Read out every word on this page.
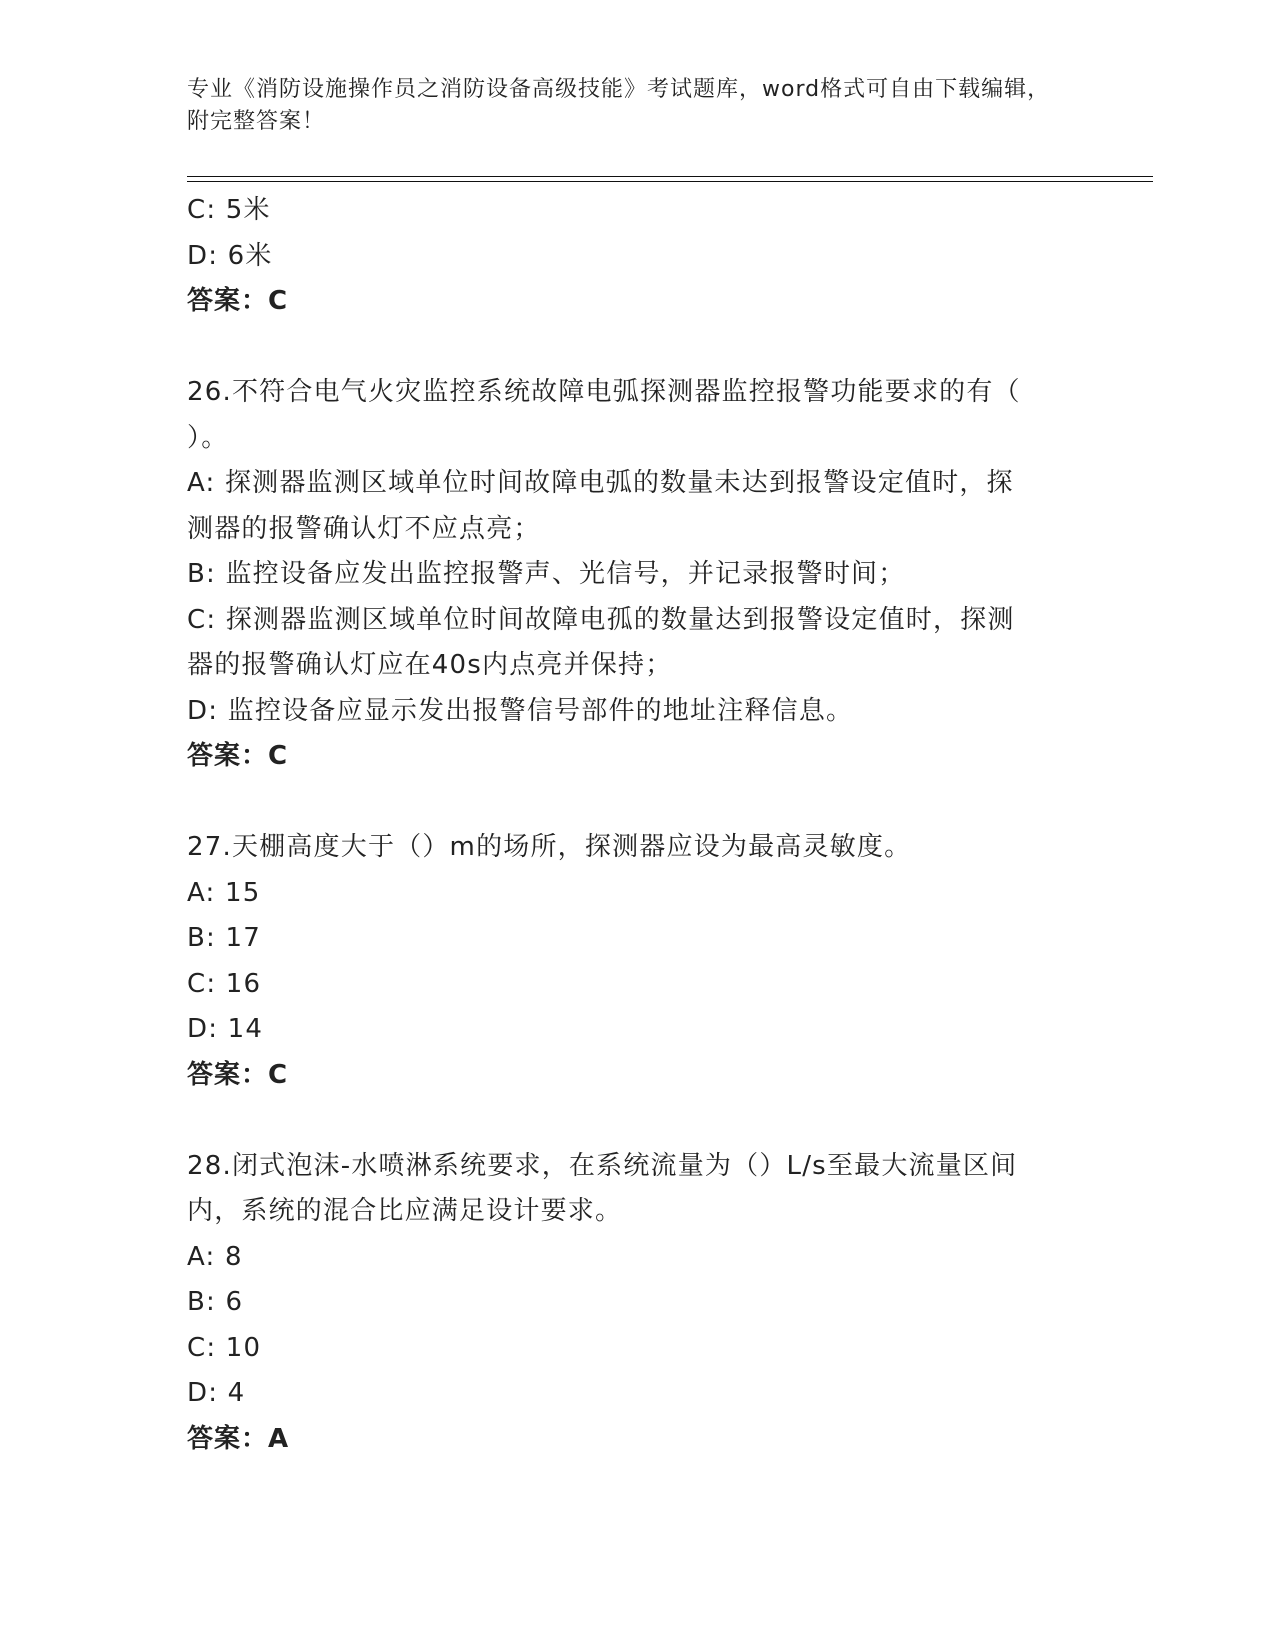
专业《消防设施操作员之消防设备高级技能》考试题库，word格式可自由下载编辑，附完整答案！
C: 5米
D: 6米
答案：C
26.不符合电气火灾监控系统故障电弧探测器监控报警功能要求的有（
）。
A: 探测器监测区域单位时间故障电弧的数量未达到报警设定值时，探
测器的报警确认灯不应点亮；
B: 监控设备应发出监控报警声、光信号，并记录报警时间；
C: 探测器监测区域单位时间故障电孤的数量达到报警设定值时，探测
器的报警确认灯应在40s内点亮并保持；
D: 监控设备应显示发出报警信号部件的地址注释信息。
答案：C
27.天棚高度大于（）m的场所，探测器应设为最高灵敏度。
A: 15
B: 17
C: 16
D: 14
答案：C
28.闭式泡沫-水喷淋系统要求，在系统流量为（）L/s至最大流量区间
内，系统的混合比应满足设计要求。
A: 8
B: 6
C: 10
D: 4
答案：A
